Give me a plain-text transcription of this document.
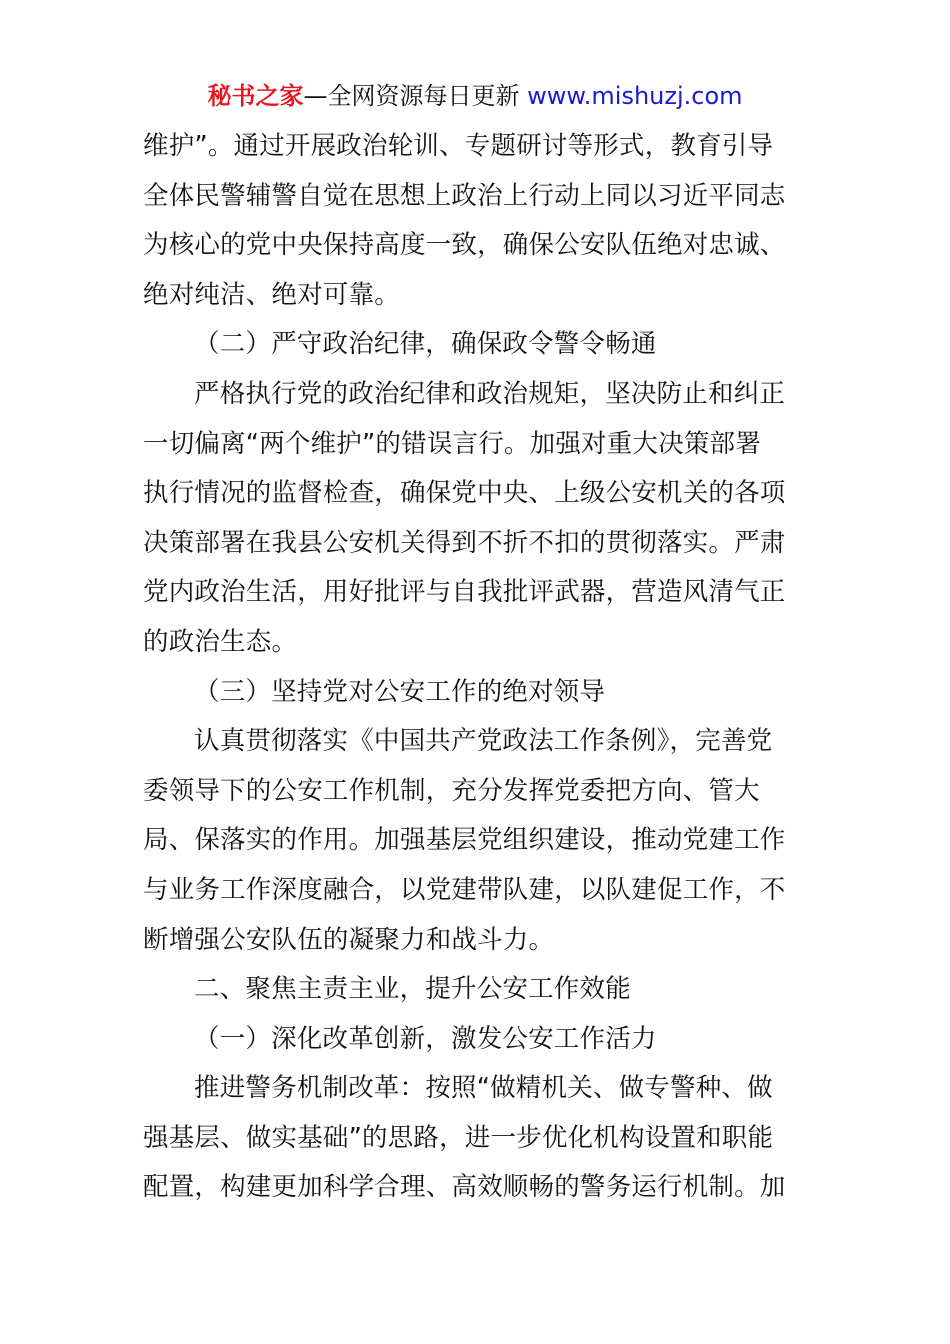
秘书之家—全网资源每日更新 www.mishuzj.com
维护”。通过开展政治轮训、专题研讨等形式，教育引导
全体民警辅警自觉在思想上政治上行动上同以习近平同志
为核心的党中央保持高度一致，确保公安队伍绝对忠诚、
绝对纯洁、绝对可靠。
（二）严守政治纪律，确保政令警令畅通
严格执行党的政治纪律和政治规矩，坚决防止和纠正
一切偏离“两个维护”的错误言行。加强对重大决策部署
执行情况的监督检查，确保党中央、上级公安机关的各项
决策部署在我县公安机关得到不折不扣的贯彻落实。严肃
党内政治生活，用好批评与自我批评武器，营造风清气正
的政治生态。
（三）坚持党对公安工作的绝对领导
认真贯彻落实《中国共产党政法工作条例》，完善党
委领导下的公安工作机制，充分发挥党委把方向、管大
局、保落实的作用。加强基层党组织建设，推动党建工作
与业务工作深度融合，以党建带队建，以队建促工作，不
断增强公安队伍的凝聚力和战斗力。
二、聚焦主责主业，提升公安工作效能
（一）深化改革创新，激发公安工作活力
推进警务机制改革：按照“做精机关、做专警种、做
强基层、做实基础”的思路，进一步优化机构设置和职能
配置，构建更加科学合理、高效顺畅的警务运行机制。加
